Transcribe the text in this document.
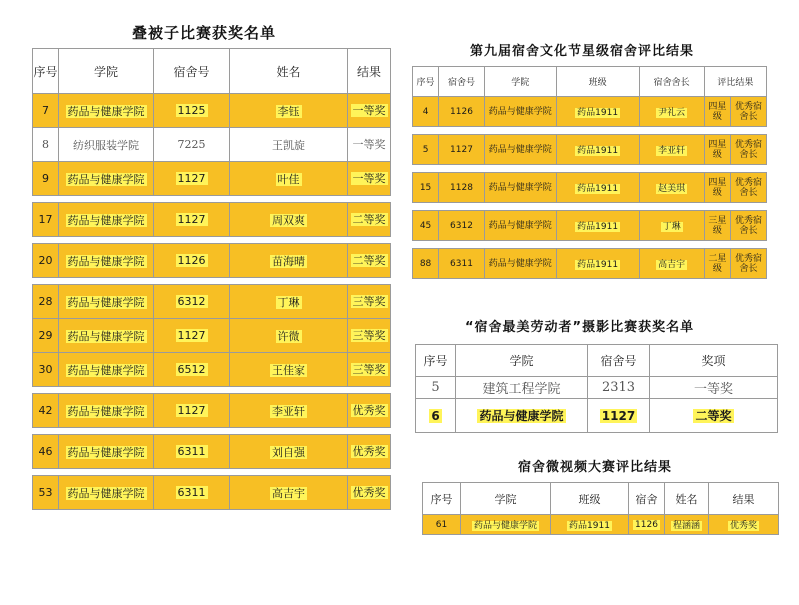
叠被子比赛获奖名单
序号	学院	宿舍号	姓名	结果
7	药品与健康学院	1125	李钰	一等奖
8	纺织服装学院	7225	王凯旋	一等奖
9	药品与健康学院	1127	叶佳	一等奖

17	药品与健康学院	1127	周双爽	二等奖

20	药品与健康学院	1126	苗海晴	二等奖

28	药品与健康学院	6312	丁琳	三等奖
29	药品与健康学院	1127	许微	三等奖
30	药品与健康学院	6512	王佳家	三等奖

42	药品与健康学院	1127	李亚轩	优秀奖

46	药品与健康学院	6311	刘自强	优秀奖

53	药品与健康学院	6311	高吉宇	优秀奖
第九届宿舍文化节星级宿舍评比结果
序号	宿舍号	学院	班级	宿舍舍长	评比结果	
4	1126	药品与健康学院	药品1911	尹礼云	四星级	优秀宿舍长

5	1127	药品与健康学院	药品1911	李亚轩	四星级	优秀宿舍长

15	1128	药品与健康学院	药品1911	赵美琪	四星级	优秀宿舍长

45	6312	药品与健康学院	药品1911	丁琳	三星级	优秀宿舍长

88	6311	药品与健康学院	药品1911	高吉宇	二星级	优秀宿舍长
“宿舍最美劳动者”摄影比赛获奖名单
序号	学院	宿舍号	奖项
5	建筑工程学院	2313	一等奖
6	药品与健康学院	1127	二等奖
宿舍微视频大赛评比结果
序号	学院	班级	宿舍	姓名	结果
61	药品与健康学院	药品1911	1126	程涵涵	优秀奖
